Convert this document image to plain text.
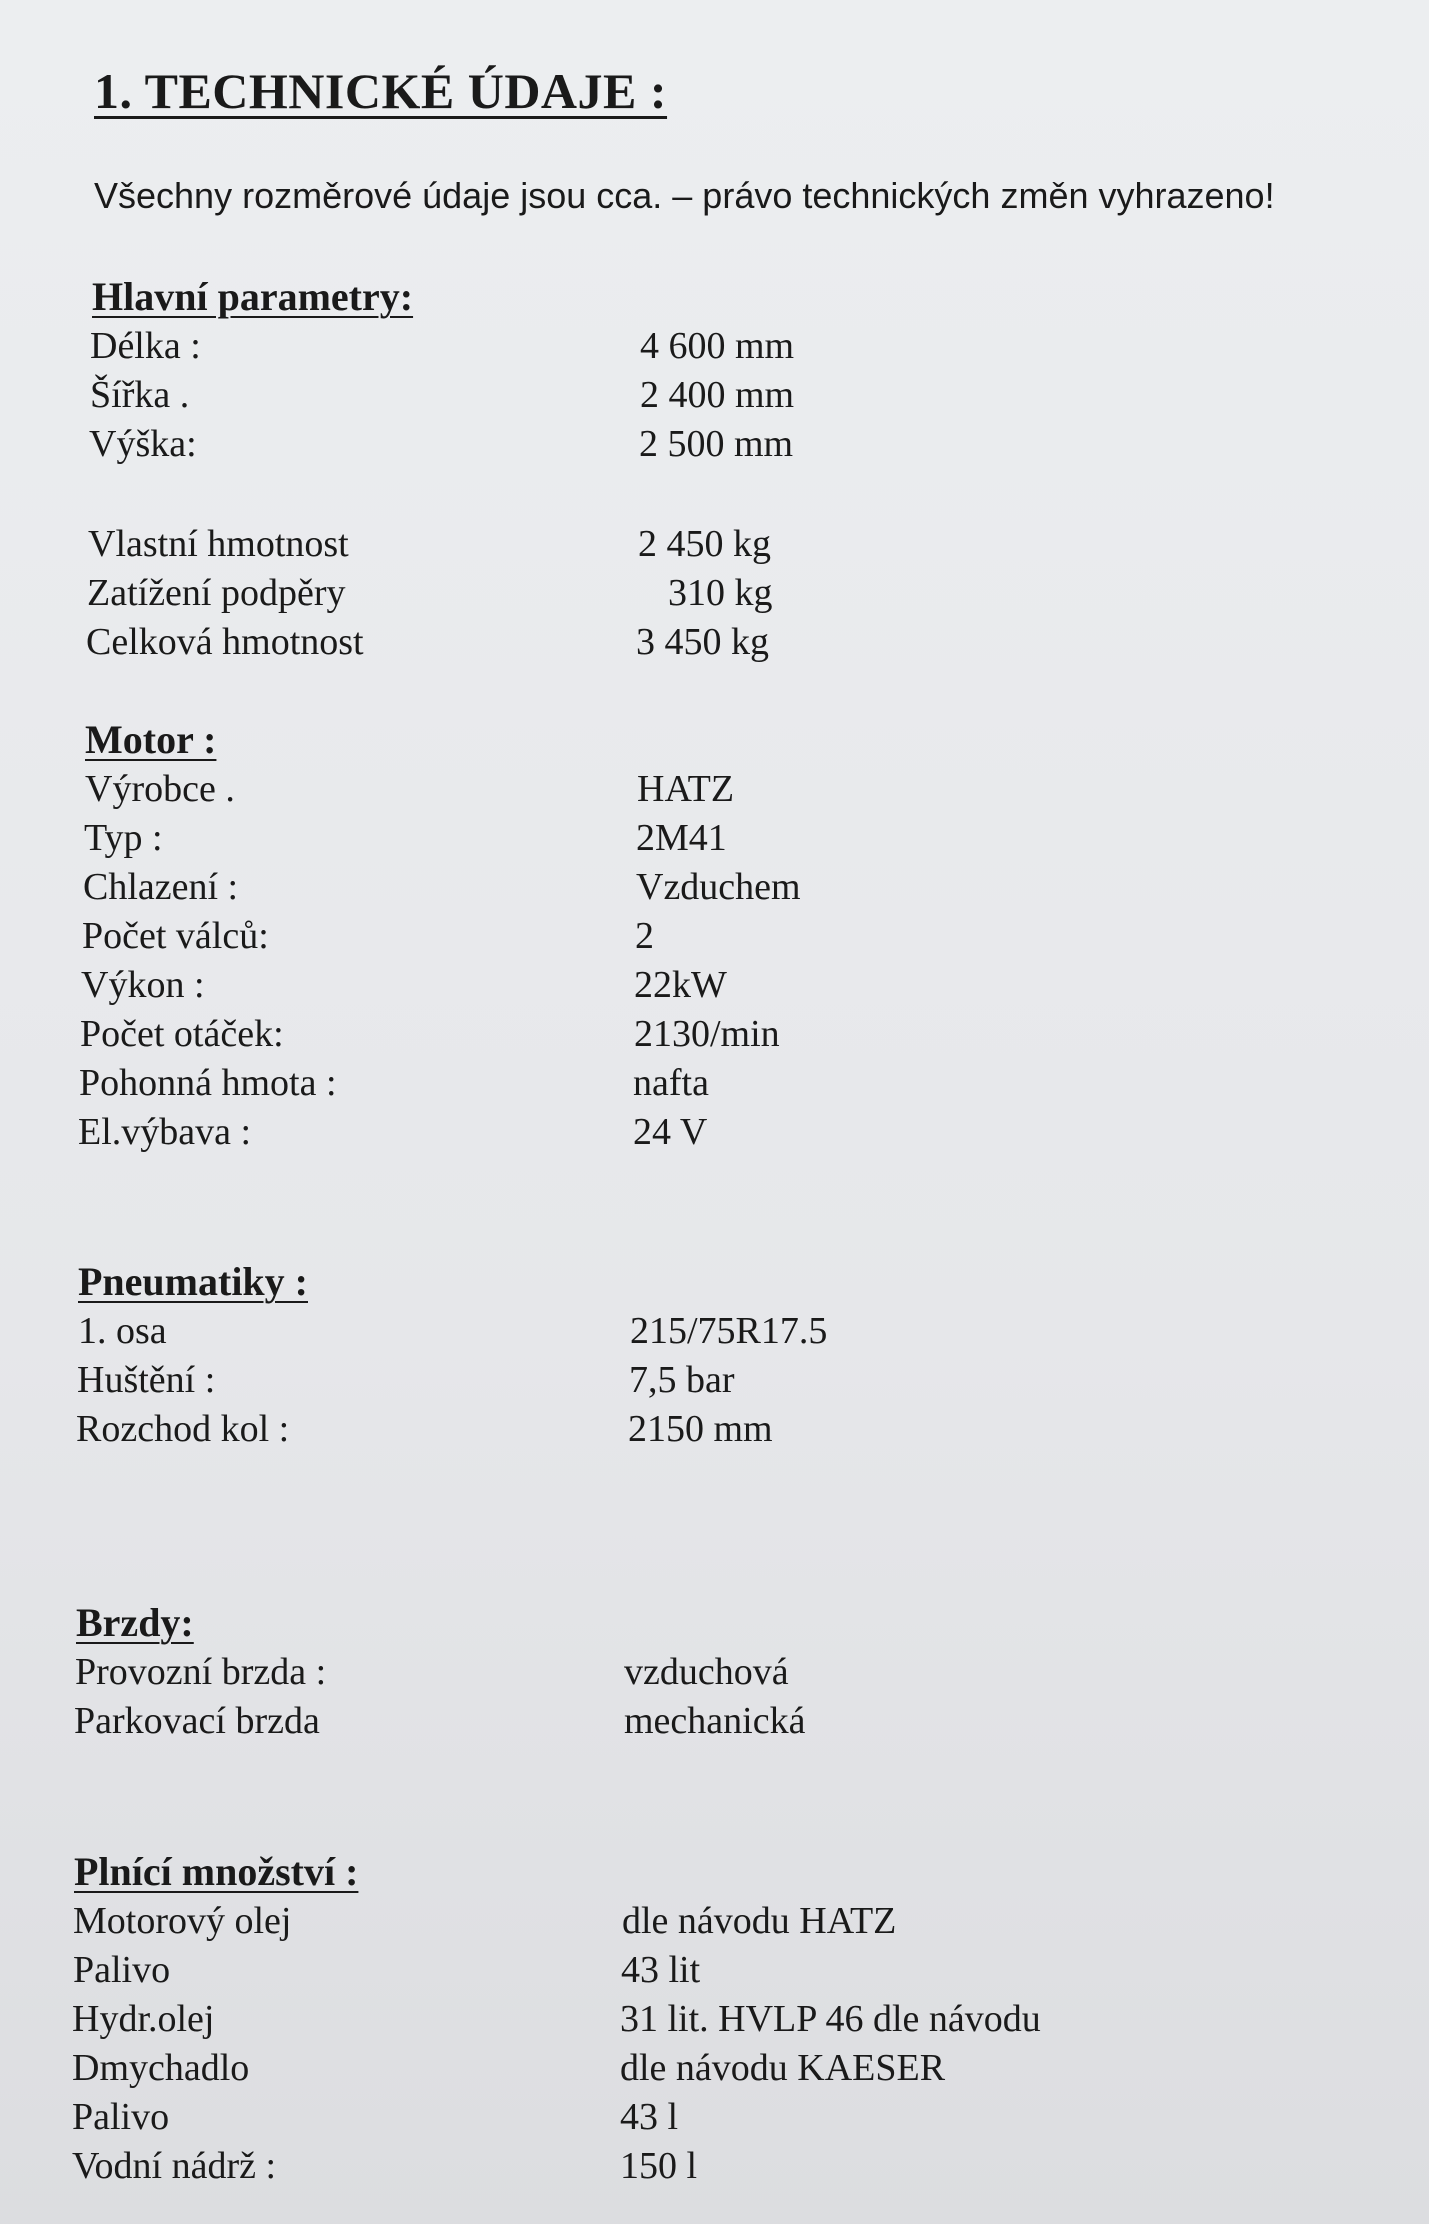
1. TECHNICKÉ ÚDAJE :
Všechny rozměrové údaje jsou cca. – právo technických změn vyhrazeno!
Hlavní parametry:
Délka :	4 600 mm
Šířka .	2 400 mm
Výška:	2 500 mm
Vlastní hmotnost	2 450 kg
Zatížení podpěry	310 kg
Celková hmotnost	3 450 kg
Motor :
Výrobce .	HATZ
Typ :	2M41
Chlazení :	Vzduchem
Počet válců:	2
Výkon :	22kW
Počet otáček:	2130/min
Pohonná hmota :	nafta
El.výbava :	24 V
Pneumatiky :
1. osa	215/75R17.5
Huštění :	7,5 bar
Rozchod kol :	2150 mm
Brzdy:
Provozní brzda :	vzduchová
Parkovací brzda	mechanická
Plnící množství :
Motorový olej	dle návodu HATZ
Palivo	43 lit
Hydr.olej	31 lit. HVLP 46 dle návodu
Dmychadlo	dle návodu KAESER
Palivo	43 l
Vodní nádrž :	150 l
